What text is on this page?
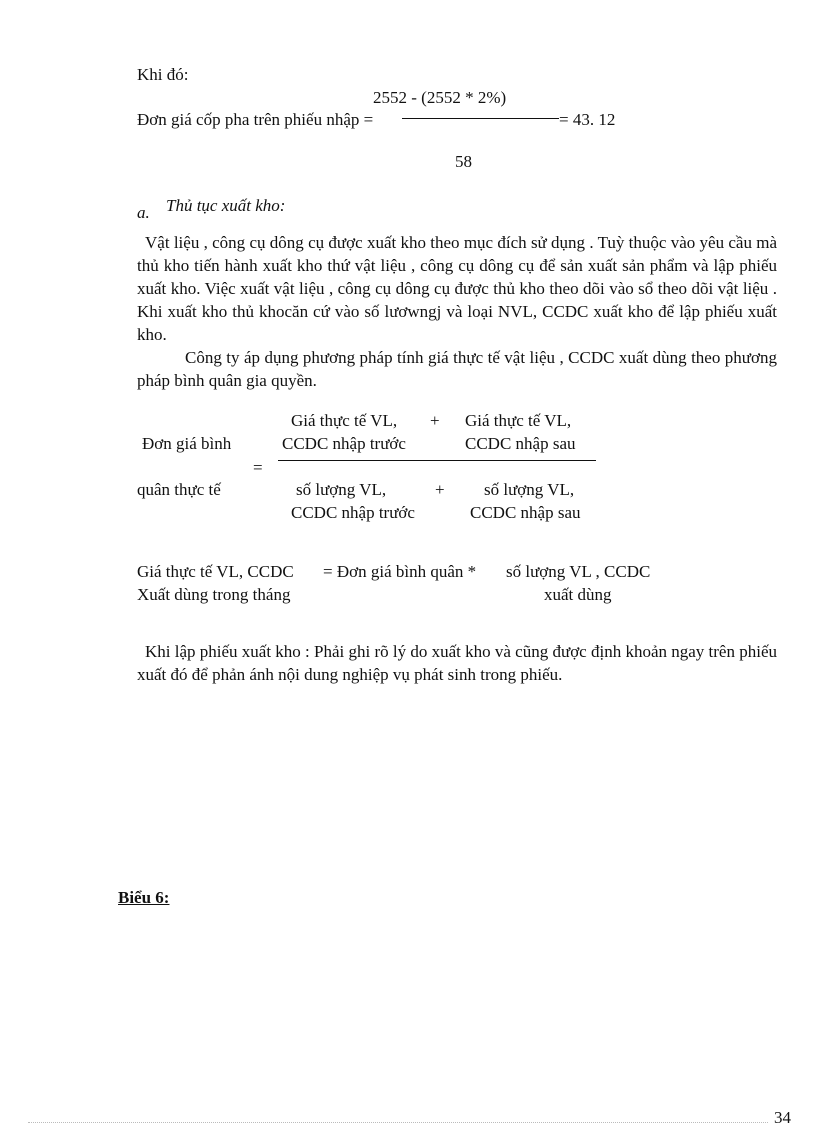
Khi đó:
2552 - (2552 * 2%)
Đơn giá cốp pha trên phiếu nhập =	= 43. 12
58
a. Thủ tục xuất kho:
Vật liệu , công cụ dông cụ được xuất kho theo mục đích sử dụng . Tuỳ thuộc vào yêu cầu mà thủ kho tiến hành xuất kho thứ vật liệu , công cụ dông cụ để sản xuất sản phẩm và lập phiếu xuất kho. Việc xuất vật liệu , công cụ dông cụ được thủ kho theo dõi vào sổ theo dõi vật liệu . Khi xuất kho thủ khocăn cứ vào số lươwngj và loại NVL, CCDC xuất kho để lập phiếu xuất kho.
Công ty áp dụng phương pháp tính giá thực tế vật liệu , CCDC xuất dùng theo phương pháp bình quân gia quyền.
Đơn giá bình
quân thực tế
=
Giá thực tế VL,
CCDC nhập trước
+ Giá thực tế VL,
CCDC nhập sau
số lượng VL,
CCDC nhập trước
+ số lượng VL,
CCDC nhập sau
Giá thực tế VL, CCDC = Đơn giá bình quân * số lượng VL , CCDC
Xuất dùng trong tháng	xuất dùng
Khi lập phiếu xuất kho : Phải ghi rõ lý do xuất kho và cũng được định khoản ngay trên phiếu xuất đó để phản ánh nội dung nghiệp vụ phát sinh trong phiếu.
Biểu 6:
34
